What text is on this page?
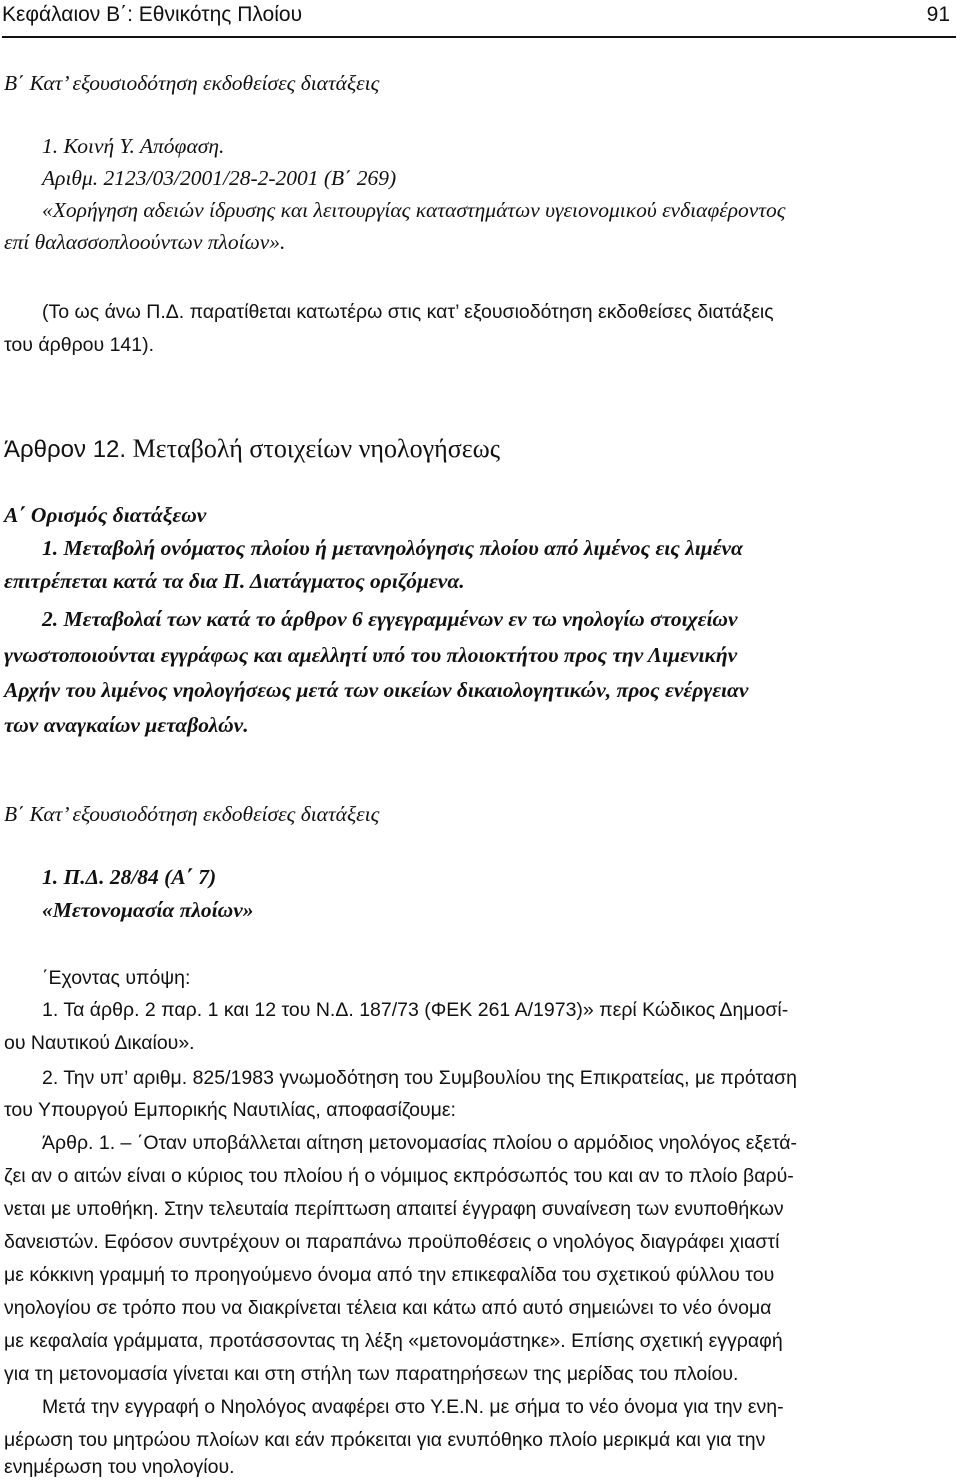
Κεφάλαιον Β΄: Εθνικότης Πλοίου	91
Β΄ Κατ’ εξουσιοδότηση εκδοθείσες διατάξεις
1. Κοινή Υ. Απόφαση.
Αριθμ. 2123/03/2001/28-2-2001 (Β΄ 269)
«Χορήγηση αδειών ίδρυσης και λειτουργίας καταστημάτων υγειονομικού ενδιαφέροντος
επί θαλασσοπλοούντων πλοίων».
(Το ως άνω Π.Δ. παρατίθεται κατωτέρω στις κατ’ εξουσιοδότηση εκδοθείσες διατάξεις
του άρθρου 141).
Άρθρον 12. Μεταβολή στοιχείων νηολογήσεως
Α΄ Ορισμός διατάξεων
1. Μεταβολή ονόματος πλοίου ή μετανηολόγησις πλοίου από λιμένος εις λιμένα
επιτρέπεται κατά τα δια Π. Διατάγματος οριζόμενα.
2. Μεταβολαί των κατά το άρθρον 6 εγγεγραμμένων εν τω νηολογίω στοιχείων
γνωστοποιούνται εγγράφως και αμελλητί υπό του πλοιοκτήτου προς την Λιμενικήν
Αρχήν του λιμένος νηολογήσεως μετά των οικείων δικαιολογητικών, προς ενέργειαν
των αναγκαίων μεταβολών.
Β΄ Κατ’ εξουσιοδότηση εκδοθείσες διατάξεις
1. Π.Δ. 28/84 (Α΄ 7)
«Μετονομασία πλοίων»
΄Εχοντας υπόψη:
1. Τα άρθρ. 2 παρ. 1 και 12 του Ν.Δ. 187/73 (ΦΕΚ 261 Α/1973)» περί Κώδικος Δημοσί-
ου Ναυτικού Δικαίου».
2. Την υπ’ αριθμ. 825/1983 γνωμοδότηση του Συμβουλίου της Επικρατείας, με πρόταση
του Υπουργού Εμπορικής Ναυτιλίας, αποφασίζουμε:
Άρθρ. 1. – ΄Οταν υποβάλλεται αίτηση μετονομασίας πλοίου ο αρμόδιος νηολόγος εξετά-
ζει αν ο αιτών είναι ο κύριος του πλοίου ή ο νόμιμος εκπρόσωπός του και αν το πλοίο βαρύ-
νεται με υποθήκη. Στην τελευταία περίπτωση απαιτεί έγγραφη συναίνεση των ενυποθήκων
δανειστών. Εφόσον συντρέχουν οι παραπάνω προϋποθέσεις ο νηολόγος διαγράφει χιαστί
με κόκκινη γραμμή το προηγούμενο όνομα από την επικεφαλίδα του σχετικού φύλλου του
νηολογίου σε τρόπο που να διακρίνεται τέλεια και κάτω από αυτό σημειώνει το νέο όνομα
με κεφαλαία γράμματα, προτάσσοντας τη λέξη «μετονομάστηκε». Επίσης σχετική εγγραφή
για τη μετονομασία γίνεται και στη στήλη των παρατηρήσεων της μερίδας του πλοίου.
Μετά την εγγραφή ο Νηολόγος αναφέρει στο Υ.Ε.Ν. με σήμα το νέο όνομα για την ενη-
μέρωση του μητρώου πλοίων και εάν πρόκειται για ενυπόθηκο πλοίο μερικμά και για την
ενημέρωση του νηολογίου.
